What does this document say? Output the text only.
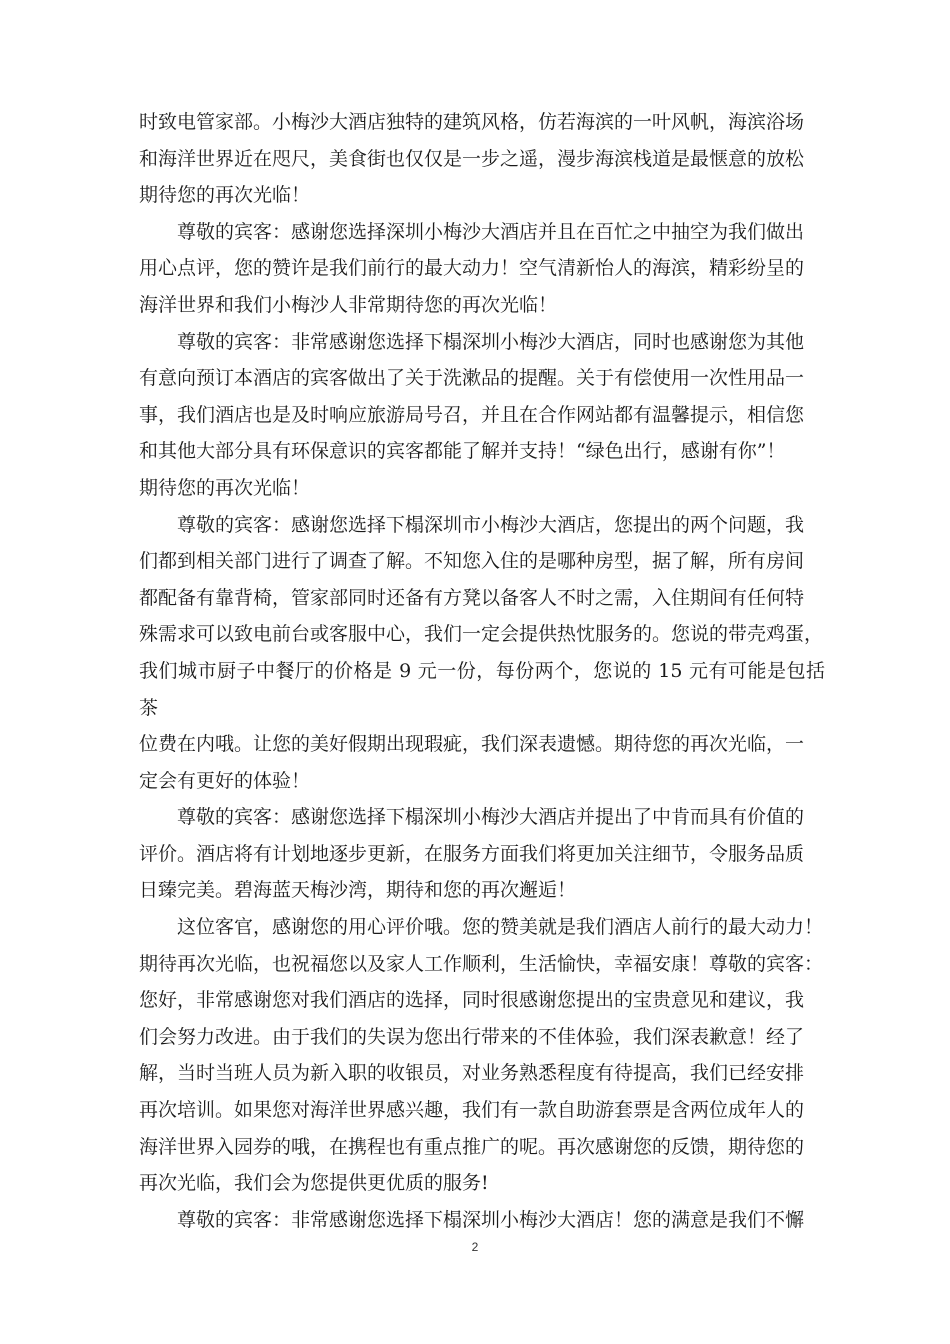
时致电管家部。小梅沙大酒店独特的建筑风格，仿若海滨的一叶风帆，海滨浴场
和海洋世界近在咫尺，美食街也仅仅是一步之遥，漫步海滨栈道是最惬意的放松
期待您的再次光临！

尊敬的宾客：感谢您选择深圳小梅沙大酒店并且在百忙之中抽空为我们做出
用心点评，您的赞许是我们前行的最大动力！空气清新怡人的海滨，精彩纷呈的
海洋世界和我们小梅沙人非常期待您的再次光临！

尊敬的宾客：非常感谢您选择下榻深圳小梅沙大酒店，同时也感谢您为其他
有意向预订本酒店的宾客做出了关于洗漱品的提醒。关于有偿使用一次性用品一
事，我们酒店也是及时响应旅游局号召，并且在合作网站都有温馨提示，相信您
和其他大部分具有环保意识的宾客都能了解并支持！“绿色出行，感谢有你”！
期待您的再次光临！

尊敬的宾客：感谢您选择下榻深圳市小梅沙大酒店，您提出的两个问题，我
们都到相关部门进行了调查了解。不知您入住的是哪种房型，据了解，所有房间
都配备有靠背椅，管家部同时还备有方凳以备客人不时之需，入住期间有任何特
殊需求可以致电前台或客服中心，我们一定会提供热忱服务的。您说的带壳鸡蛋，
我们城市厨子中餐厅的价格是 9 元一份，每份两个，您说的 15 元有可能是包括茶
位费在内哦。让您的美好假期出现瑕疵，我们深表遗憾。期待您的再次光临，一
定会有更好的体验！

尊敬的宾客：感谢您选择下榻深圳小梅沙大酒店并提出了中肯而具有价值的
评价。酒店将有计划地逐步更新，在服务方面我们将更加关注细节，令服务品质
日臻完美。碧海蓝天梅沙湾，期待和您的再次邂逅！

这位客官，感谢您的用心评价哦。您的赞美就是我们酒店人前行的最大动力！
期待再次光临，也祝福您以及家人工作顺利，生活愉快，幸福安康！尊敬的宾客：
您好，非常感谢您对我们酒店的选择，同时很感谢您提出的宝贵意见和建议，我
们会努力改进。由于我们的失误为您出行带来的不佳体验，我们深表歉意！经了
解，当时当班人员为新入职的收银员，对业务熟悉程度有待提高，我们已经安排
再次培训。如果您对海洋世界感兴趣，我们有一款自助游套票是含两位成年人的
海洋世界入园券的哦，在携程也有重点推广的呢。再次感谢您的反馈，期待您的
再次光临，我们会为您提供更优质的服务!

尊敬的宾客：非常感谢您选择下榻深圳小梅沙大酒店！您的满意是我们不懈

2
